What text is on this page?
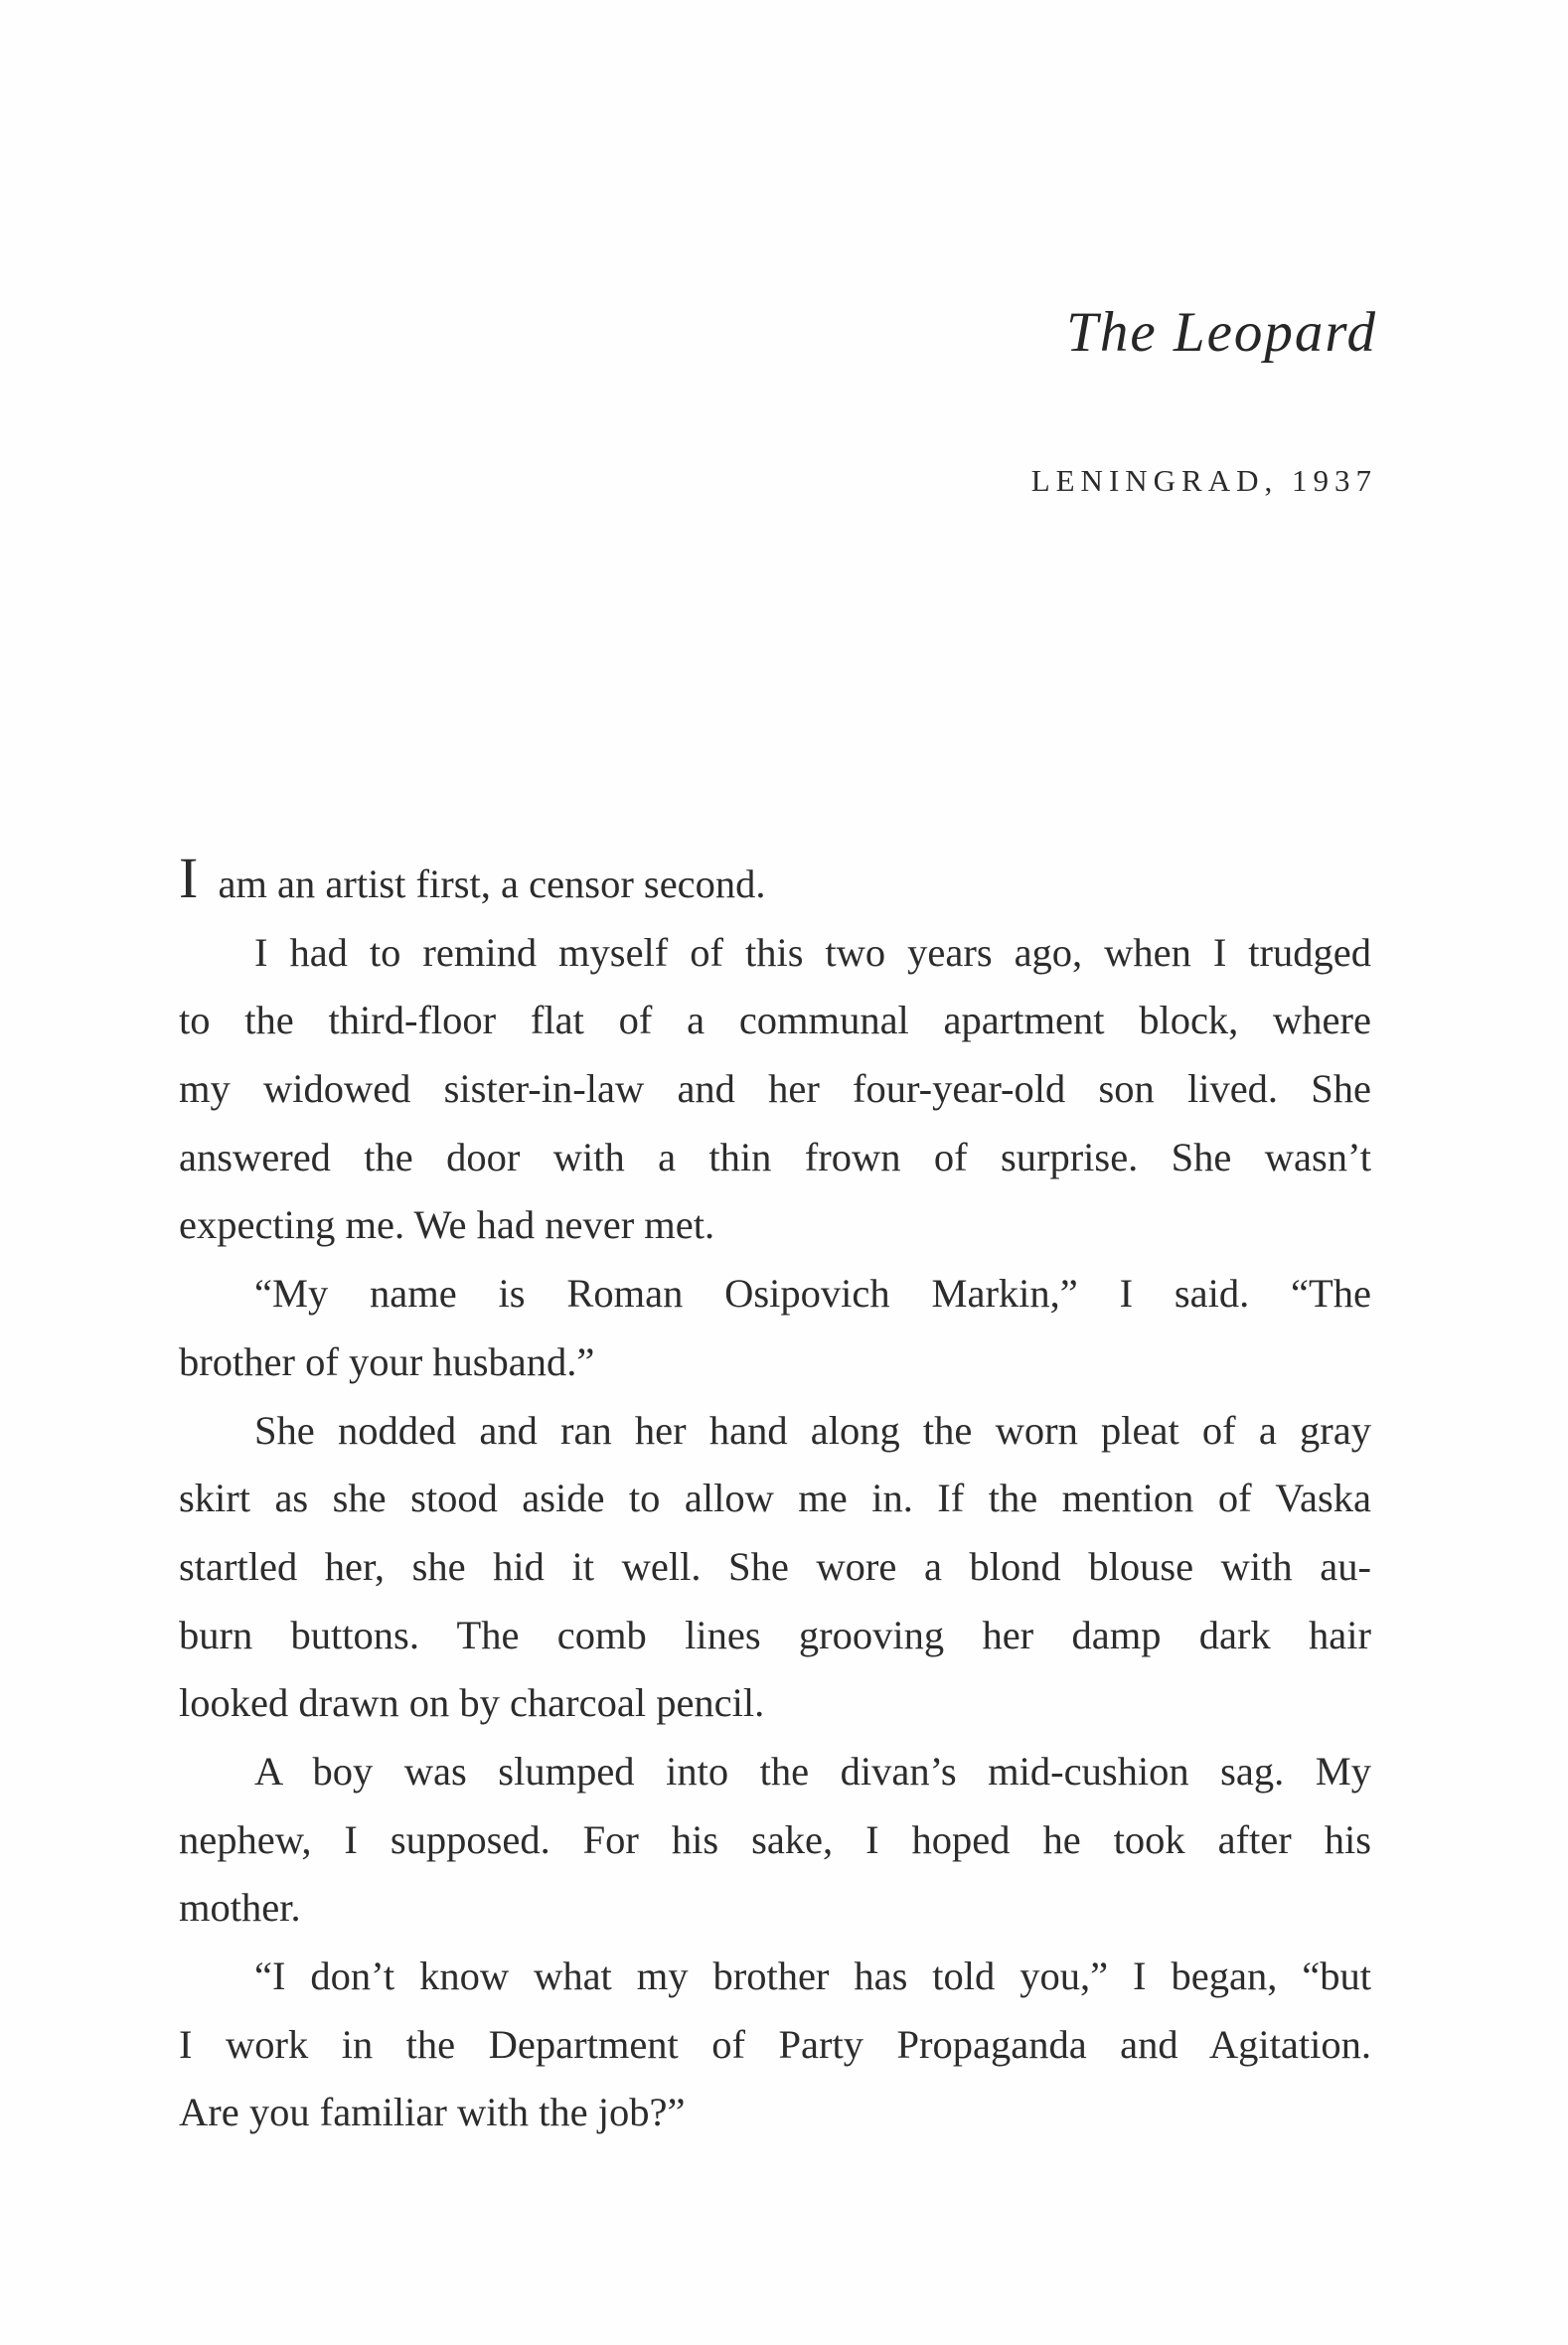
The Leopard
LENINGRAD, 1937
I am an artist first, a censor second.
I had to remind myself of this two years ago, when I trudged
to the third-floor flat of a communal apartment block, where
my widowed sister-in-law and her four-year-old son lived. She
answered the door with a thin frown of surprise. She wasn’t
expecting me. We had never met.
“My name is Roman Osipovich Markin,” I said. “The
brother of your husband.”
She nodded and ran her hand along the worn pleat of a gray
skirt as she stood aside to allow me in. If the mention of Vaska
startled her, she hid it well. She wore a blond blouse with au-
burn buttons. The comb lines grooving her damp dark hair
looked drawn on by charcoal pencil.
A boy was slumped into the divan’s mid-cushion sag. My
nephew, I supposed. For his sake, I hoped he took after his
mother.
“I don’t know what my brother has told you,” I began, “but
I work in the Department of Party Propaganda and Agitation.
Are you familiar with the job?”
